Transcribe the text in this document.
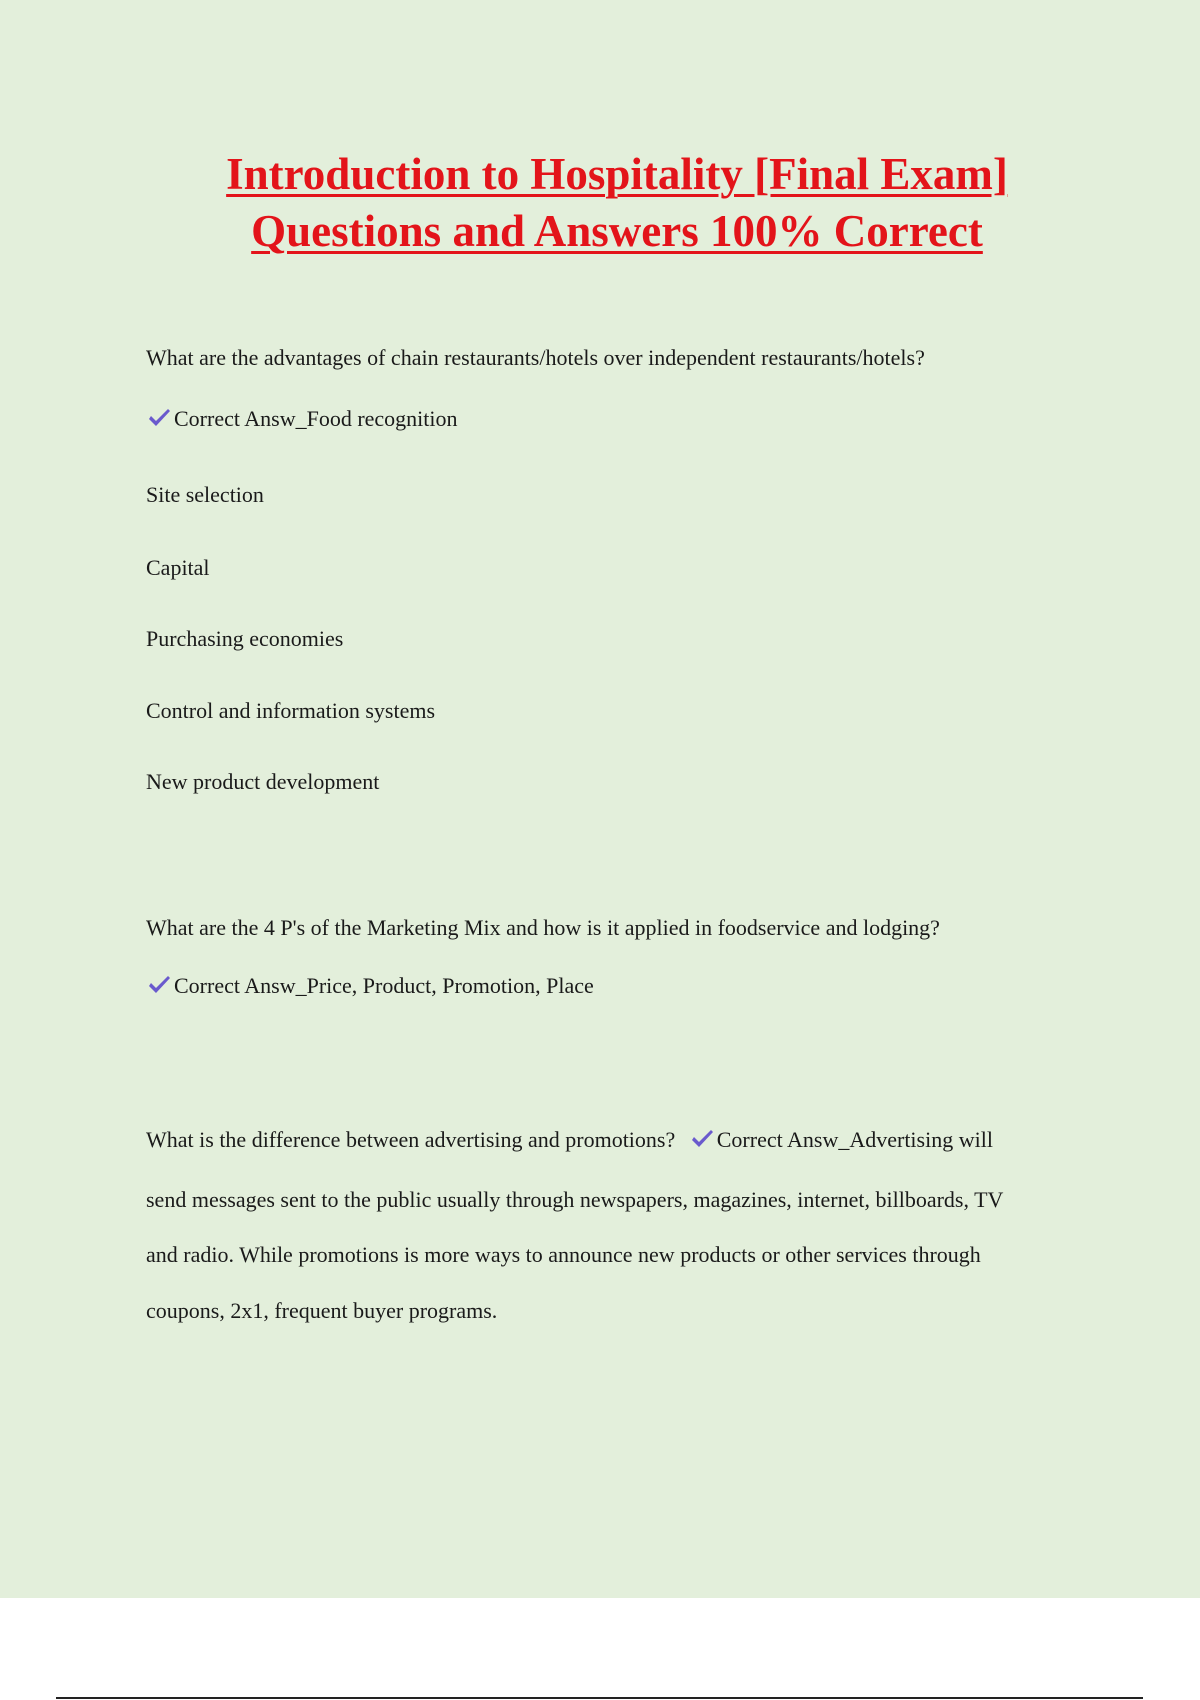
Introduction to Hospitality [Final Exam]
Questions and Answers 100% Correct
What are the advantages of chain restaurants/hotels over independent restaurants/hotels?
Correct Answ_Food recognition
Site selection
Capital
Purchasing economies
Control and information systems
New product development
What are the 4 P's of the Marketing Mix and how is it applied in foodservice and lodging?
Correct Answ_Price, Product, Promotion, Place
What is the difference between advertising and promotions? Correct Answ_Advertising will
send messages sent to the public usually through newspapers, magazines, internet, billboards, TV
and radio. While promotions is more ways to announce new products or other services through
coupons, 2x1, frequent buyer programs.
